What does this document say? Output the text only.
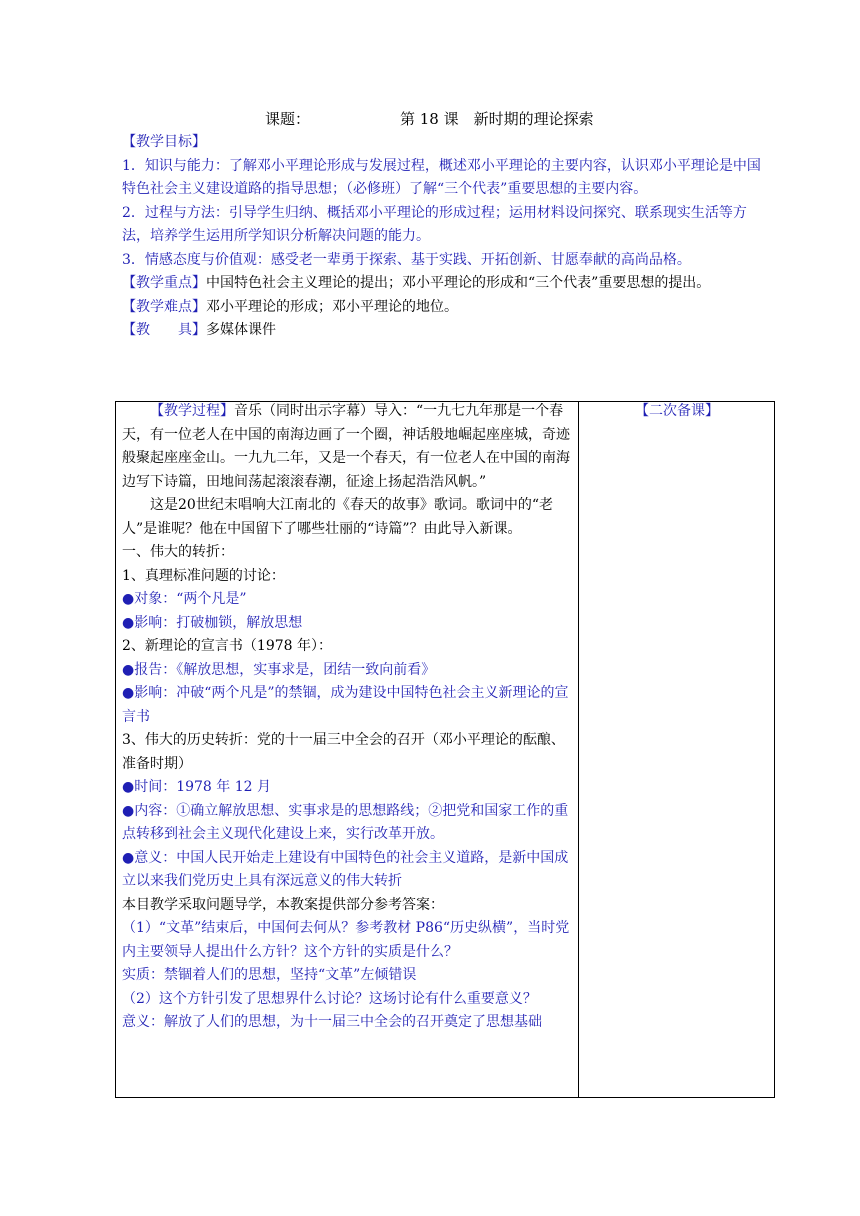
课题：	第 18 课　新时期的理论探索

【教学目标】

1．知识与能力：了解邓小平理论形成与发展过程，概述邓小平理论的主要内容，认识邓小平理论是中国特色社会主义建设道路的指导思想；（必修班）了解“三个代表”重要思想的主要内容。

2．过程与方法：引导学生归纳、概括邓小平理论的形成过程；运用材料设问探究、联系现实生活等方法，培养学生运用所学知识分析解决问题的能力。

3．情感态度与价值观：感受老一辈勇于探索、基于实践、开拓创新、甘愿奉献的高尚品格。

【教学重点】中国特色社会主义理论的提出；邓小平理论的形成和“三个代表”重要思想的提出。

【教学难点】邓小平理论的形成；邓小平理论的地位。

【教　　具】多媒体课件

【教学过程】音乐（同时出示字幕）导入：“一九七九年那是一个春天，有一位老人在中国的南海边画了一个圈，神话般地崛起座座城，奇迹般聚起座座金山。一九九二年，又是一个春天，有一位老人在中国的南海边写下诗篇，田地间荡起滚滚春潮，征途上扬起浩浩风帆。”

这是20世纪末唱响大江南北的《春天的故事》歌词。歌词中的“老人”是谁呢？他在中国留下了哪些壮丽的“诗篇”？由此导入新课。

一、伟大的转折：

1、真理标准问题的讨论：

●对象：“两个凡是”

●影响：打破枷锁，解放思想

2、新理论的宣言书（1978 年）：

●报告：《解放思想，实事求是，团结一致向前看》

●影响：冲破“两个凡是”的禁锢，成为建设中国特色社会主义新理论的宣言书

3、伟大的历史转折：党的十一届三中全会的召开（邓小平理论的酝酿、准备时期）

●时间：1978 年 12 月

●内容：①确立解放思想、实事求是的思想路线；②把党和国家工作的重点转移到社会主义现代化建设上来，实行改革开放。

●意义：中国人民开始走上建设有中国特色的社会主义道路，是新中国成立以来我们党历史上具有深远意义的伟大转折

本目教学采取问题导学，本教案提供部分参考答案：

（1）“文革”结束后，中国何去何从？参考教材 P86“历史纵横”，当时党内主要领导人提出什么方针？这个方针的实质是什么？

实质：禁锢着人们的思想，坚持“文革”左倾错误

（2）这个方针引发了思想界什么讨论？这场讨论有什么重要意义？

意义：解放了人们的思想，为十一届三中全会的召开奠定了思想基础

【二次备课】
